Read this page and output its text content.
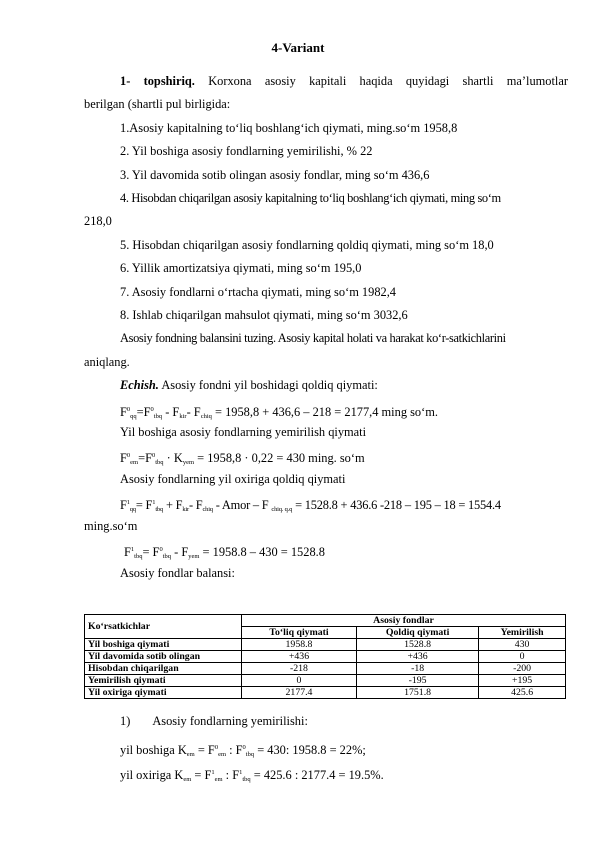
4-Variant
1- topshiriq. Korxona asosiy kapitali haqida quyidagi shartli ma’lumotlar
berilgan (shartli pul birligida:
1.Asosiy kapitalning to‘liq boshlang‘ich qiymati, ming.so‘m 1958,8
2. Yil boshiga asosiy fondlarning yemirilishi, % 22
3. Yil davomida sotib olingan asosiy fondlar, ming so‘m 436,6
4. Hisobdan chiqarilgan asosiy kapitalning to‘liq boshlang‘ich qiymati, ming so‘m
218,0
5. Hisobdan chiqarilgan asosiy fondlarning qoldiq qiymati, ming so‘m 18,0
6. Yillik amortizatsiya qiymati, ming so‘m 195,0
7. Asosiy fondlarni o‘rtacha qiymati, ming so‘m 1982,4
8. Ishlab chiqarilgan mahsulot qiymati, ming so‘m 3032,6
Asosiy fondning balansini tuzing. Asosiy kapital holati va harakat ko‘r-satkichlarini
aniqlang.
Echish. Asosiy fondni yil boshidagi qoldiq qiymati:
$F^0_{qq}=F^0_{tbq} - F_{kir}-$ $F_{chiq} = 1958,8 + 436,6 - 218 = 2177,4$ ming so‘m.
Yil boshiga asosiy fondlarning yemirilish qiymati
$F^0_{em}=F^0_{tbq} \cdot K_{yem} = 1958,8 \cdot 0,22 = 430$ ming. so‘m
Asosiy fondlarning yil oxiriga qoldiq qiymati
$F^1_{qq}= F^1_{tbq} + F_{kir}-$ $F_{chiq}$ - Amor – F $_{chiq. q.q}$ = 1528.8 + 436.6 -218 – 195 – 18 = 1554.4
ming.so‘m
$F^1_{tbq}= F^0_{tbq} - F_{yem} = 1958.8 - 430 = 1528.8$
Asosiy fondlar balansi:
Ko‘rsatkichlar	Asosiy fondlar		
	To‘liq qiymati	Qoldiq qiymati	Yemirilish
Yil boshiga qiymati	1958.8	1528.8	430
Yil davomida sotib olingan	+436	+436	0
Hisobdan chiqarilgan	-218	-18	-200
Yemirilish qiymati	0	-195	+195
Yil oxiriga qiymati	2177.4	1751.8	425.6
1) Asosiy fondlarning yemirilishi:
yil boshiga $K_{em} = F^0_{em}$ : $F^0_{tbq} = 430$: 1958.8 = 22%;
yil oxiriga $K_{em} = F^1_{em}$ : $F^1_{tbq} = 425.6$ : 2177.4 = 19.5%.
